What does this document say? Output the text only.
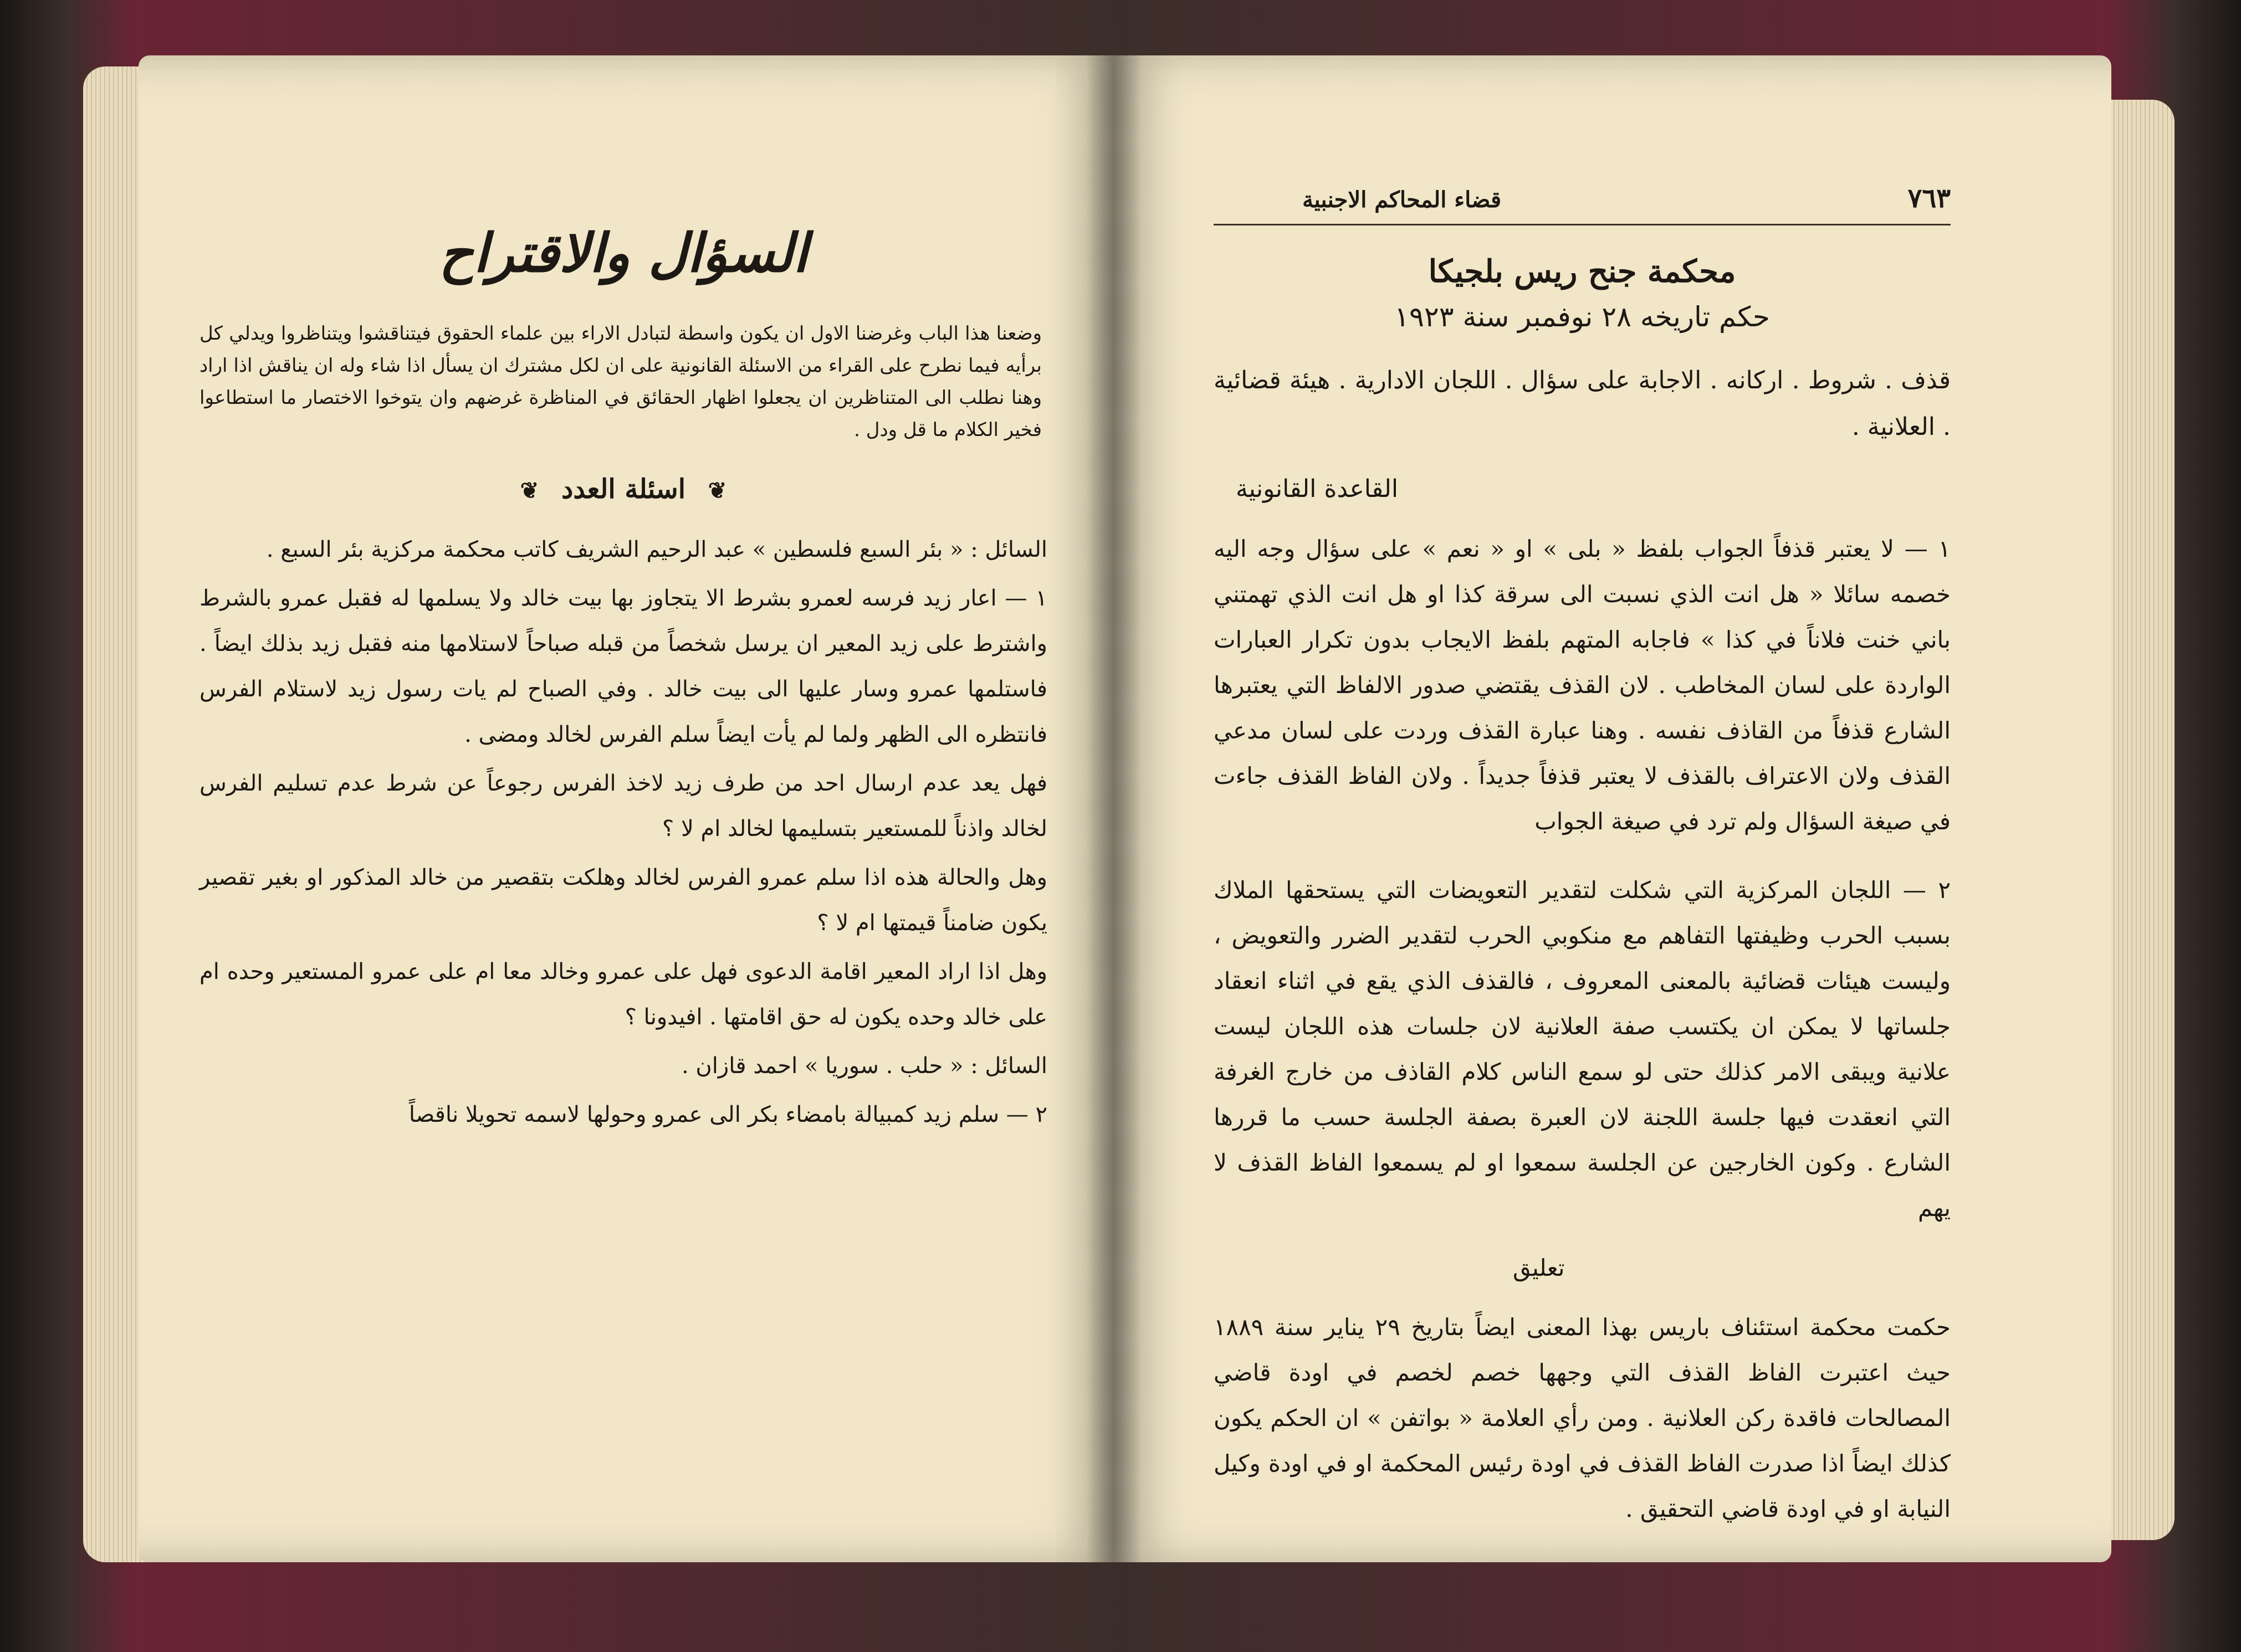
السؤال والاقتراح

وضعنا هذا الباب وغرضنا الاول ان يكون واسطة لتبادل الاراء بين علماء الحقوق فيتناقشوا ويتناظروا ويدلي كل برأيه فيما نطرح على القراء من الاسئلة القانونية على ان لكل مشترك ان يسأل اذا شاء وله ان يناقش اذا اراد وهنا نطلب الى المتناظرين ان يجعلوا اظهار الحقائق في المناظرة غرضهم وان يتوخوا الاختصار ما استطاعوا فخير الكلام ما قل ودل .

❦ اسئلة العدد ❦

السائل : « بئر السبع فلسطين » عبد الرحيم الشريف كاتب محكمة مركزية بئر السبع .

١ — اعار زيد فرسه لعمرو بشرط الا يتجاوز بها بيت خالد ولا يسلمها له فقبل عمرو بالشرط واشترط على زيد المعير ان يرسل شخصاً من قبله صباحاً لاستلامها منه فقبل زيد بذلك ايضاً . فاستلمها عمرو وسار عليها الى بيت خالد . وفي الصباح لم يات رسول زيد لاستلام الفرس فانتظره الى الظهر ولما لم يأت ايضاً سلم الفرس لخالد ومضى .

فهل يعد عدم ارسال احد من طرف زيد لاخذ الفرس رجوعاً عن شرط عدم تسليم الفرس لخالد واذناً للمستعير بتسليمها لخالد ام لا ؟

وهل والحالة هذه اذا سلم عمرو الفرس لخالد وهلكت بتقصير من خالد المذكور او بغير تقصير يكون ضامناً قيمتها ام لا ؟

وهل اذا اراد المعير اقامة الدعوى فهل على عمرو وخالد معا ام على عمرو المستعير وحده ام على خالد وحده يكون له حق اقامتها . افيدونا ؟

السائل : « حلب . سوريا » احمد قازان .

٢ — سلم زيد كمبيالة بامضاء بكر الى عمرو وحولها لاسمه تحويلا ناقصاً

٧٦٣
قضاء المحاكم الاجنبية
محكمة جنح ريس بلجيكا
حكم تاريخه ٢٨ نوفمبر سنة ١٩٢٣

قذف . شروط . اركانه . الاجابة على سؤال . اللجان الادارية . هيئة قضائية . العلانية .

القاعدة القانونية

١ — لا يعتبر قذفاً الجواب بلفظ « بلى » او « نعم » على سؤال وجه اليه خصمه سائلا « هل انت الذي نسبت الى سرقة كذا او هل انت الذي تهمتني باني خنت فلاناً في كذا » فاجابه المتهم بلفظ الايجاب بدون تكرار العبارات الواردة على لسان المخاطب . لان القذف يقتضي صدور الالفاظ التي يعتبرها الشارع قذفاً من القاذف نفسه . وهنا عبارة القذف وردت على لسان مدعي القذف ولان الاعتراف بالقذف لا يعتبر قذفاً جديداً . ولان الفاظ القذف جاءت في صيغة السؤال ولم ترد في صيغة الجواب

٢ — اللجان المركزية التي شكلت لتقدير التعويضات التي يستحقها الملاك بسبب الحرب وظيفتها التفاهم مع منكوبي الحرب لتقدير الضرر والتعويض ، وليست هيئات قضائية بالمعنى المعروف ، فالقذف الذي يقع في اثناء انعقاد جلساتها لا يمكن ان يكتسب صفة العلانية لان جلسات هذه اللجان ليست علانية ويبقى الامر كذلك حتى لو سمع الناس كلام القاذف من خارج الغرفة التي انعقدت فيها جلسة اللجنة لان العبرة بصفة الجلسة حسب ما قررها الشارع . وكون الخارجين عن الجلسة سمعوا او لم يسمعوا الفاظ القذف لا يهم

تعليق

حكمت محكمة استئناف باريس بهذا المعنى ايضاً بتاريخ ٢٩ يناير سنة ١٨٨٩ حيث اعتبرت الفاظ القذف التي وجهها خصم لخصم في اودة قاضي المصالحات فاقدة ركن العلانية . ومن رأي العلامة « بواتفن » ان الحكم يكون كذلك ايضاً اذا صدرت الفاظ القذف في اودة رئيس المحكمة او في اودة وكيل النيابة او في اودة قاضي التحقيق .
